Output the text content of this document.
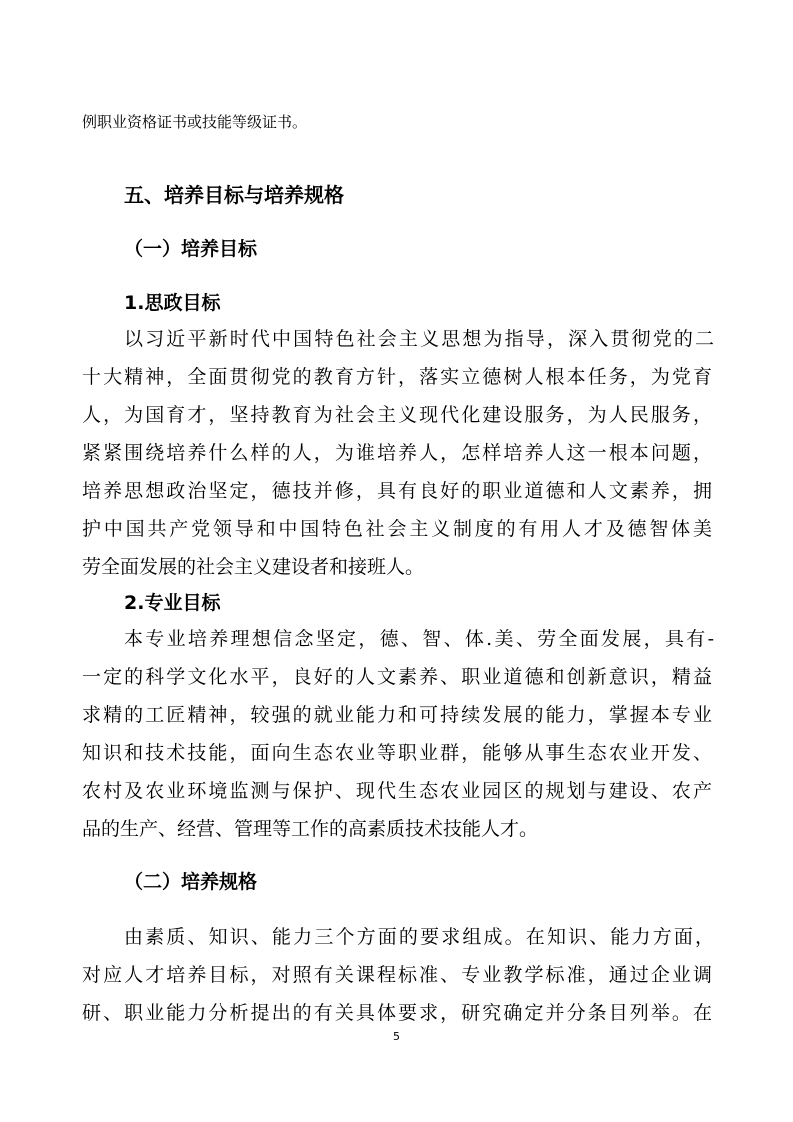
例职业资格证书或技能等级证书。
五、培养目标与培养规格
（一）培养目标
1.思政目标
以习近平新时代中国特色社会主义思想为指导，深入贯彻党的二
十大精神，全面贯彻党的教育方针，落实立德树人根本任务，为党育
人，为国育才，坚持教育为社会主义现代化建设服务，为人民服务，
紧紧围绕培养什么样的人，为谁培养人，怎样培养人这一根本问题，
培养思想政治坚定，德技并修，具有良好的职业道德和人文素养，拥
护中国共产党领导和中国特色社会主义制度的有用人才及德智体美
劳全面发展的社会主义建设者和接班人。
2.专业目标
本专业培养理想信念坚定，德、智、体.美、劳全面发展，具有-
一定的科学文化水平，良好的人文素养、职业道德和创新意识，精益
求精的工匠精神，较强的就业能力和可持续发展的能力，掌握本专业
知识和技术技能，面向生态农业等职业群，能够从事生态农业开发、
农村及农业环境监测与保护、现代生态农业园区的规划与建设、农产
品的生产、经营、管理等工作的高素质技术技能人才。
（二）培养规格
由素质、知识、能力三个方面的要求组成。在知识、能力方面，
对应人才培养目标，对照有关课程标准、专业教学标准，通过企业调
研、职业能力分析提出的有关具体要求，研究确定并分条目列举。在
5
